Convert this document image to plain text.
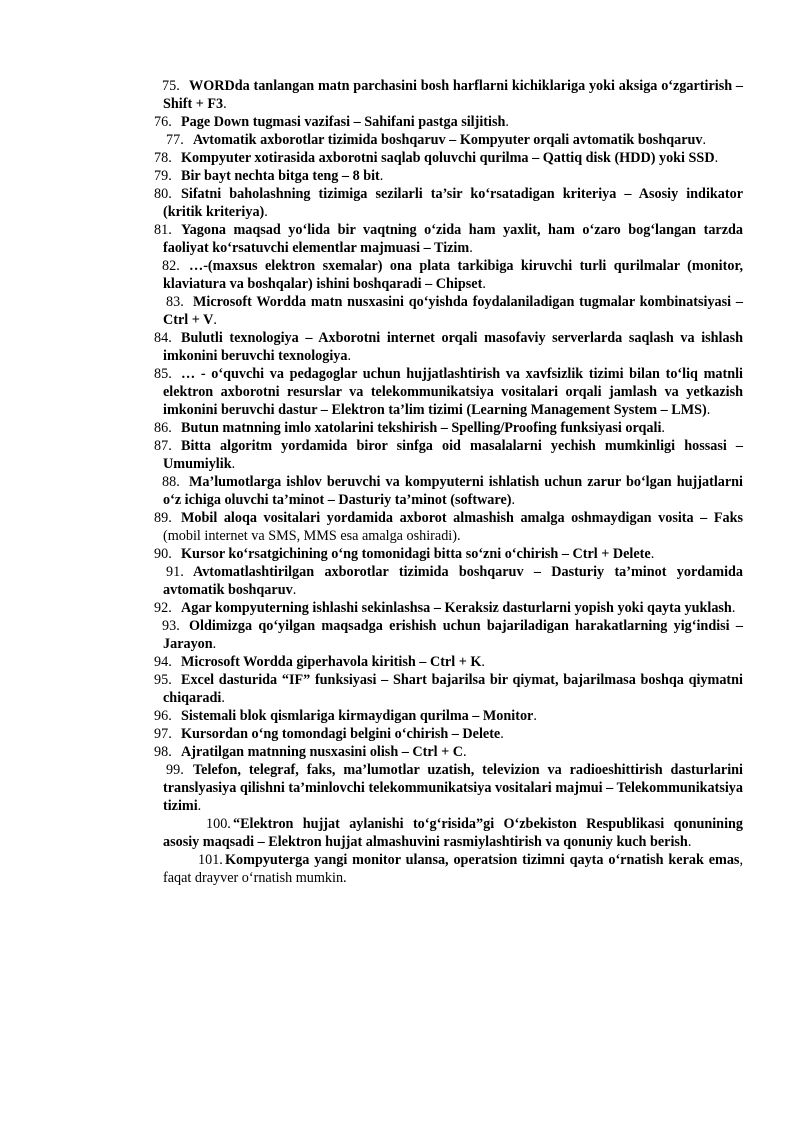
75. WORDda tanlangan matn parchasini bosh harflarni kichiklariga yoki aksiga o‘zgartirish – Shift + F3.

76. Page Down tugmasi vazifasi – Sahifani pastga siljitish.

77. Avtomatik axborotlar tizimida boshqaruv – Kompyuter orqali avtomatik boshqaruv.

78. Kompyuter xotirasida axborotni saqlab qoluvchi qurilma – Qattiq disk (HDD) yoki SSD.

79. Bir bayt nechta bitga teng – 8 bit.

80. Sifatni baholashning tizimiga sezilarli ta’sir ko‘rsatadigan kriteriya – Asosiy indikator (kritik kriteriya).

81. Yagona maqsad yo‘lida bir vaqtning o‘zida ham yaxlit, ham o‘zaro bog‘langan tarzda faoliyat ko‘rsatuvchi elementlar majmuasi – Tizim.

82. …-(maxsus elektron sxemalar) ona plata tarkibiga kiruvchi turli qurilmalar (monitor, klaviatura va boshqalar) ishini boshqaradi – Chipset.

83. Microsoft Wordda matn nusxasini qo‘yishda foydalaniladigan tugmalar kombinatsiyasi – Ctrl + V.

84. Bulutli texnologiya – Axborotni internet orqali masofaviy serverlarda saqlash va ishlash imkonini beruvchi texnologiya.

85. … - o‘quvchi va pedagoglar uchun hujjatlashtirish va xavfsizlik tizimi bilan to‘liq matnli elektron axborotni resurslar va telekommunikatsiya vositalari orqali jamlash va yetkazish imkonini beruvchi dastur – Elektron ta’lim tizimi (Learning Management System – LMS).

86. Butun matnning imlo xatolarini tekshirish – Spelling/Proofing funksiyasi orqali.

87. Bitta algoritm yordamida biror sinfga oid masalalarni yechish mumkinligi hossasi – Umumiylik.

88. Ma’lumotlarga ishlov beruvchi va kompyuterni ishlatish uchun zarur bo‘lgan hujjatlarni o‘z ichiga oluvchi ta’minot – Dasturiy ta’minot (software).

89. Mobil aloqa vositalari yordamida axborot almashish amalga oshmaydigan vosita – Faks (mobil internet va SMS, MMS esa amalga oshiradi).

90. Kursor ko‘rsatgichining o‘ng tomonidagi bitta so‘zni o‘chirish – Ctrl + Delete.

91. Avtomatlashtirilgan axborotlar tizimida boshqaruv – Dasturiy ta’minot yordamida avtomatik boshqaruv.

92. Agar kompyuterning ishlashi sekinlashsa – Keraksiz dasturlarni yopish yoki qayta yuklash.

93. Oldimizga qo‘yilgan maqsadga erishish uchun bajariladigan harakatlarning yig‘indisi – Jarayon.

94. Microsoft Wordda giperhavola kiritish – Ctrl + K.

95. Excel dasturida “IF” funksiyasi – Shart bajarilsa bir qiymat, bajarilmasa boshqa qiymatni chiqaradi.

96. Sistemali blok qismlariga kirmaydigan qurilma – Monitor.

97. Kursordan o‘ng tomondagi belgini o‘chirish – Delete.

98. Ajratilgan matnning nusxasini olish – Ctrl + C.

99. Telefon, telegraf, faks, ma’lumotlar uzatish, televizion va radioeshittirish dasturlarini translyasiya qilishni ta’minlovchi telekommunikatsiya vositalari majmui – Telekommunikatsiya tizimi.

100. “Elektron hujjat aylanishi to‘g‘risida”gi O‘zbekiston Respublikasi qonunining asosiy maqsadi – Elektron hujjat almashuvini rasmiylashtirish va qonuniy kuch berish.

101. Kompyuterga yangi monitor ulansa, operatsion tizimni qayta o‘rnatish kerak emas, faqat drayver o‘rnatish mumkin.
